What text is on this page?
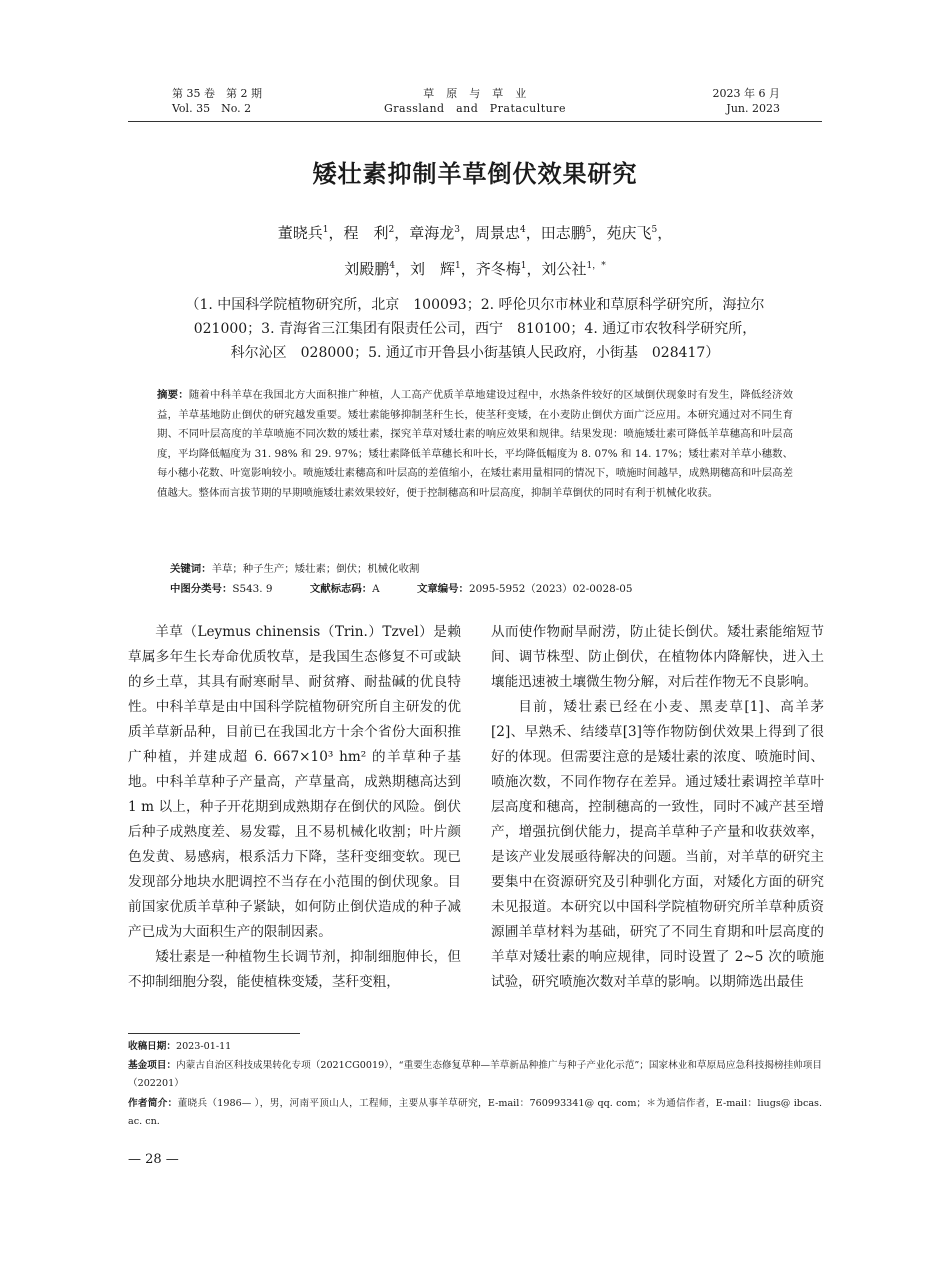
第 35 卷　第 2 期
Vol. 35　No. 2
草　原　与　草　业
Grassland　and　Prataculture
2023 年 6 月
Jun. 2023
矮壮素抑制羊草倒伏效果研究
董晓兵$^1$，程　利$^2$，章海龙$^3$，周景忠$^4$，田志鹏$^5$，苑庆飞$^5$，
刘殿鹏$^4$，刘　辉$^1$，齐冬梅$^1$，刘公社$^{1,*}$
（1. 中国科学院植物研究所，北京　100093；2. 呼伦贝尔市林业和草原科学研究所，海拉尔
021000；3. 青海省三江集团有限责任公司，西宁　810100；4. 通辽市农牧科学研究所，
科尔沁区　028000；5. 通辽市开鲁县小街基镇人民政府，小街基　028417）
摘要：随着中科羊草在我国北方大面积推广种植，人工高产优质羊草地建设过程中，水热条件较好的区域倒伏现象时有发生，降低经济效益，羊草基地防止倒伏的研究越发重要。矮壮素能够抑制茎秆生长，使茎秆变矮，在小麦防止倒伏方面广泛应用。本研究通过对不同生育期、不同叶层高度的羊草喷施不同次数的矮壮素，探究羊草对矮壮素的响应效果和规律。结果发现：喷施矮壮素可降低羊草穗高和叶层高度，平均降低幅度为 31. 98% 和 29. 97%；矮壮素降低羊草穗长和叶长，平均降低幅度为 8. 07% 和 14. 17%；矮壮素对羊草小穗数、每小穗小花数、叶宽影响较小。喷施矮壮素穗高和叶层高的差值缩小，在矮壮素用量相同的情况下，喷施时间越早，成熟期穗高和叶层高差值越大。整体而言拔节期的早期喷施矮壮素效果较好，便于控制穗高和叶层高度，抑制羊草倒伏的同时有利于机械化收获。
关键词：羊草；种子生产；矮壮素；倒伏；机械化收割
中图分类号：S543. 9	文献标志码：A	文章编号：2095-5952（2023）02-0028-05

羊草（Leymus chinensis（Trin.）Tzvel）是赖草属多年生长寿命优质牧草，是我国生态修复不可或缺的乡土草，其具有耐寒耐旱、耐贫瘠、耐盐碱的优良特性。中科羊草是由中国科学院植物研究所自主研发的优质羊草新品种，目前已在我国北方十余个省份大面积推广种植，并建成超 6. 667×10³ hm² 的羊草种子基地。中科羊草种子产量高，产草量高，成熟期穗高达到 1 m 以上，种子开花期到成熟期存在倒伏的风险。倒伏后种子成熟度差、易发霉，且不易机械化收割；叶片颜色发黄、易感病，根系活力下降，茎秆变细变软。现已发现部分地块水肥调控不当存在小范围的倒伏现象。目前国家优质羊草种子紧缺，如何防止倒伏造成的种子减产已成为大面积生产的限制因素。

矮壮素是一种植物生长调节剂，抑制细胞伸长，但不抑制细胞分裂，能使植株变矮，茎秆变粗，

从而使作物耐旱耐涝，防止徒长倒伏。矮壮素能缩短节间、调节株型、防止倒伏，在植物体内降解快，进入土壤能迅速被土壤微生物分解，对后茬作物无不良影响。

目前，矮壮素已经在小麦、黑麦草[1]、高羊茅[2]、早熟禾、结缕草[3]等作物防倒伏效果上得到了很好的体现。但需要注意的是矮壮素的浓度、喷施时间、喷施次数，不同作物存在差异。通过矮壮素调控羊草叶层高度和穗高，控制穗高的一致性，同时不减产甚至增产，增强抗倒伏能力，提高羊草种子产量和收获效率，是该产业发展亟待解决的问题。当前，对羊草的研究主要集中在资源研究及引种驯化方面，对矮化方面的研究未见报道。本研究以中国科学院植物研究所羊草种质资源圃羊草材料为基础，研究了不同生育期和叶层高度的羊草对矮壮素的响应规律，同时设置了 2~5 次的喷施试验，研究喷施次数对羊草的影响。以期筛选出最佳

收稿日期：2023-01-11
基金项目：内蒙古自治区科技成果转化专项（2021CG0019），“重要生态修复草种—羊草新品种推广与种子产业化示范”；国家林业和草原局应急科技揭榜挂帅项目（202201）
作者简介：董晓兵（1986— ），男，河南平顶山人，工程师，主要从事羊草研究，E-mail：760993341@ qq. com；＊为通信作者，E-mail：liugs@ ibcas. ac. cn.
— 28 —
